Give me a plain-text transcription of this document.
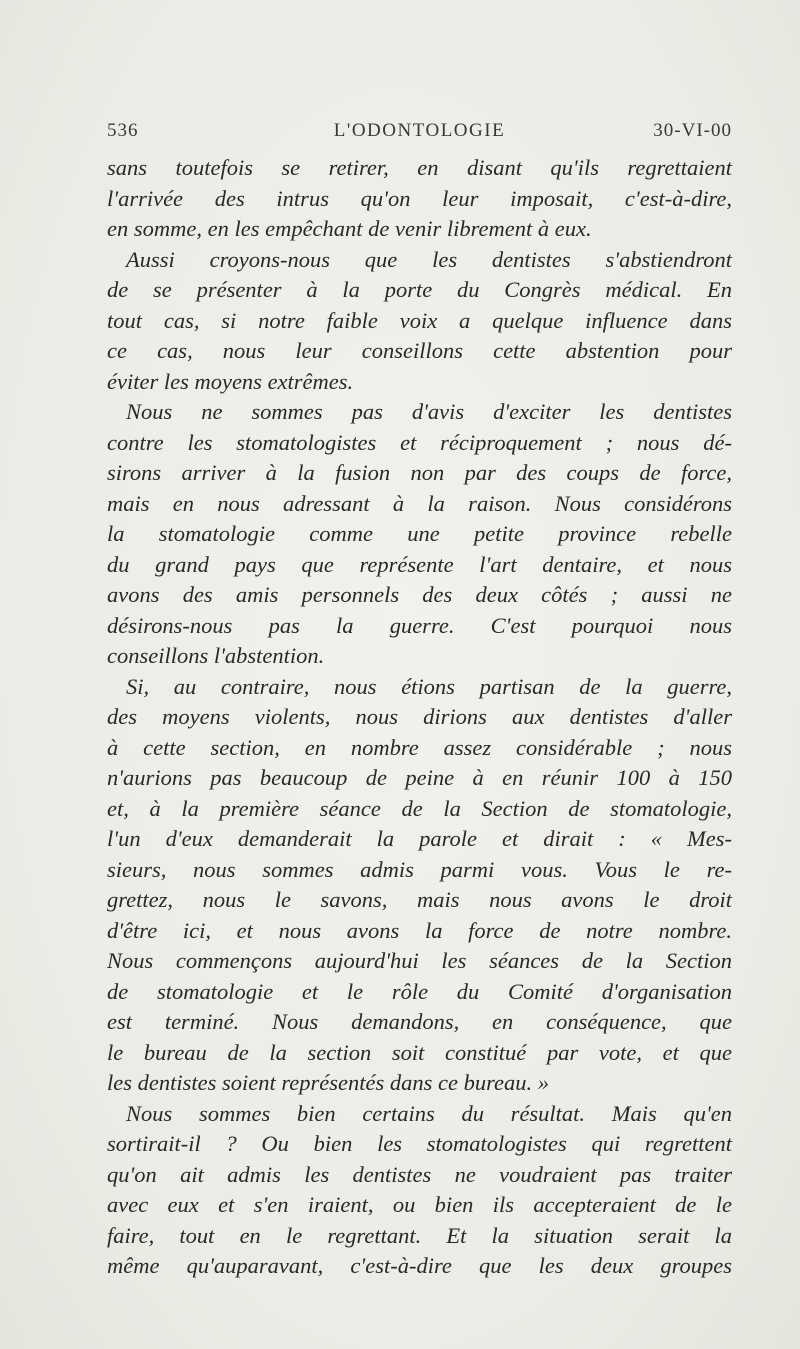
536	L'ODONTOLOGIE	30-VI-00
sans toutefois se retirer, en disant qu'ils regrettaient
l'arrivée des intrus qu'on leur imposait, c'est-à-dire,
en somme, en les empêchant de venir librement à eux.
Aussi croyons-nous que les dentistes s'abstiendront
de se présenter à la porte du Congrès médical. En
tout cas, si notre faible voix a quelque influence dans
ce cas, nous leur conseillons cette abstention pour
éviter les moyens extrêmes.
Nous ne sommes pas d'avis d'exciter les dentistes
contre les stomatologistes et réciproquement ; nous dé-
sirons arriver à la fusion non par des coups de force,
mais en nous adressant à la raison. Nous considérons
la stomatologie comme une petite province rebelle
du grand pays que représente l'art dentaire, et nous
avons des amis personnels des deux côtés ; aussi ne
désirons-nous pas la guerre. C'est pourquoi nous
conseillons l'abstention.
Si, au contraire, nous étions partisan de la guerre,
des moyens violents, nous dirions aux dentistes d'aller
à cette section, en nombre assez considérable ; nous
n'aurions pas beaucoup de peine à en réunir 100 à 150
et, à la première séance de la Section de stomatologie,
l'un d'eux demanderait la parole et dirait : « Mes-
sieurs, nous sommes admis parmi vous. Vous le re-
grettez, nous le savons, mais nous avons le droit
d'être ici, et nous avons la force de notre nombre.
Nous commençons aujourd'hui les séances de la Section
de stomatologie et le rôle du Comité d'organisation
est terminé. Nous demandons, en conséquence, que
le bureau de la section soit constitué par vote, et que
les dentistes soient représentés dans ce bureau. »
Nous sommes bien certains du résultat. Mais qu'en
sortirait-il ? Ou bien les stomatologistes qui regrettent
qu'on ait admis les dentistes ne voudraient pas traiter
avec eux et s'en iraient, ou bien ils accepteraient de le
faire, tout en le regrettant. Et la situation serait la
même qu'auparavant, c'est-à-dire que les deux groupes
